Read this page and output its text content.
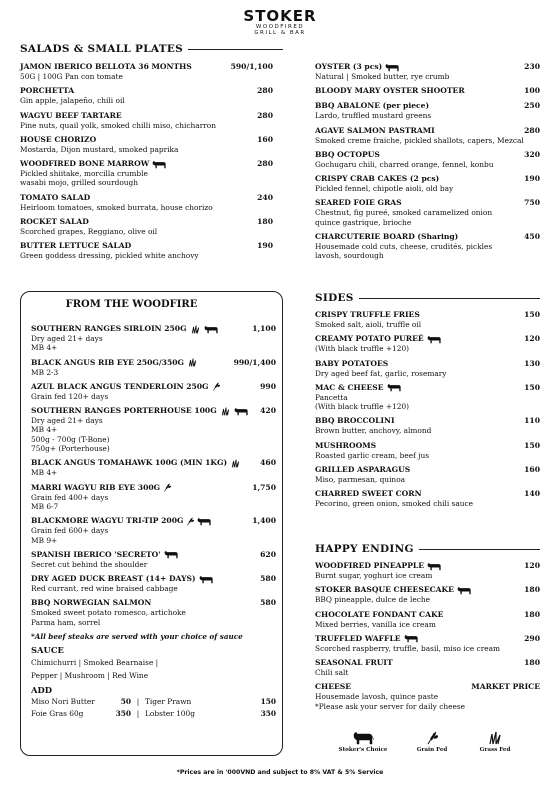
STOKER
WOODFIRED
GRILL & BAR
SALADS & SMALL PLATES
JAMON IBERICO BELLOTA 36 MONTHS	590/1,100
50G | 100G Pan con tomate
PORCHETTA	280
Gin apple, jalapeño, chili oil
WAGYU BEEF TARTARE	280
Pine nuts, quail yolk, smoked chilli miso, chicharron
HOUSE CHORIZO	160
Mostarda, Dijon mustard, smoked paprika
WOODFIRED BONE MARROW	280
Pickled shiitake, morcilla crumble
wasabi mojo, grilled sourdough
TOMATO SALAD	240
Heirloom tomatoes, smoked burrata, house chorizo
ROCKET SALAD	180
Scorched grapes, Reggiano, olive oil
BUTTER LETTUCE SALAD	190
Green goddess dressing, pickled white anchovy
OYSTER (3 pcs)	230
Natural | Smoked butter, rye crumb
BLOODY MARY OYSTER SHOOTER	100
BBQ ABALONE (per piece)	250
Lardo, truffled mustard greens
AGAVE SALMON PASTRAMI	280
Smoked creme fraiche, pickled shallots, capers, Mezcal
BBQ OCTOPUS	320
Gochugaru chili, charred orange, fennel, konbu
CRISPY CRAB CAKES (2 pcs)	190
Pickled fennel, chipotle aioli, old bay
SEARED FOIE GRAS	750
Chestnut, fig pureé, smoked caramelized onion
quince gastrique, brioche
CHARCUTERIE BOARD (Sharing)	450
Housemade cold cuts, cheese, crudités, pickles
lavosh, sourdough
FROM THE WOODFIRE
SOUTHERN RANGES SIRLOIN 250G	1,100
Dry aged 21+ days
MB 4+
BLACK ANGUS RIB EYE 250G/350G	990/1,400
MB 2-3
AZUL BLACK ANGUS TENDERLOIN 250G	990
Grain fed 120+ days
SOUTHERN RANGES PORTERHOUSE 100G	420
Dry aged 21+ days
MB 4+
500g - 700g (T-Bone)
750g+ (Porterhouse)
BLACK ANGUS TOMAHAWK 100G (MIN 1KG)	460
MB 4+
MARRI WAGYU RIB EYE 300G	1,750
Grain fed 400+ days
MB 6-7
BLACKMORE WAGYU TRI-TIP 200G	1,400
Grain fed 600+ days
MB 9+
SPANISH IBERICO 'SECRETO'	620
Secret cut behind the shoulder
DRY AGED DUCK BREAST (14+ DAYS)	580
Red currant, red wine braised cabbage
BBQ NORWEGIAN SALMON	580
Smoked sweet potato romesco, artichoke
Parma ham, sorrel
*All beef steaks are served with your choice of sauce
SAUCE
Chimichurri | Smoked Bearnaise |
Pepper | Mushroom | Red Wine
ADD
Miso Nori Butter	50 | Tiger Prawn	150
Foie Gras 60g	350 | Lobster 100g	350
SIDES
CRISPY TRUFFLE FRIES	150
Smoked salt, aioli, truffle oil
CREAMY POTATO PUREÉ	120
(With black truffle +120)
BABY POTATOES	130
Dry aged beef fat, garlic, rosemary
MAC & CHEESE	150
Pancetta
(With black truffle +120)
BBQ BROCCOLINI	110
Brown butter, anchovy, almond
MUSHROOMS	150
Roasted garlic cream, beef jus
GRILLED ASPARAGUS	160
Miso, parmesan, quinoa
CHARRED SWEET CORN	140
Pecorino, green onion, smoked chili sauce
HAPPY ENDING
WOODFIRED PINEAPPLE	120
Burnt sugar, yoghurt ice cream
STOKER BASQUE CHEESECAKE	180
BBQ pineapple, dulce de leche
CHOCOLATE FONDANT CAKE	180
Mixed berries, vanilla ice cream
TRUFFLED WAFFLE	290
Scorched raspberry, truffle, basil, miso ice cream
SEASONAL FRUIT	180
Chili salt
CHEESE	MARKET PRICE
Housemade lavosh, quince paste
*Please ask your server for daily cheese
Stoker's Choice	Grain Fed	Grass Fed
*Prices are in '000VND and subject to 8% VAT & 5% Service
